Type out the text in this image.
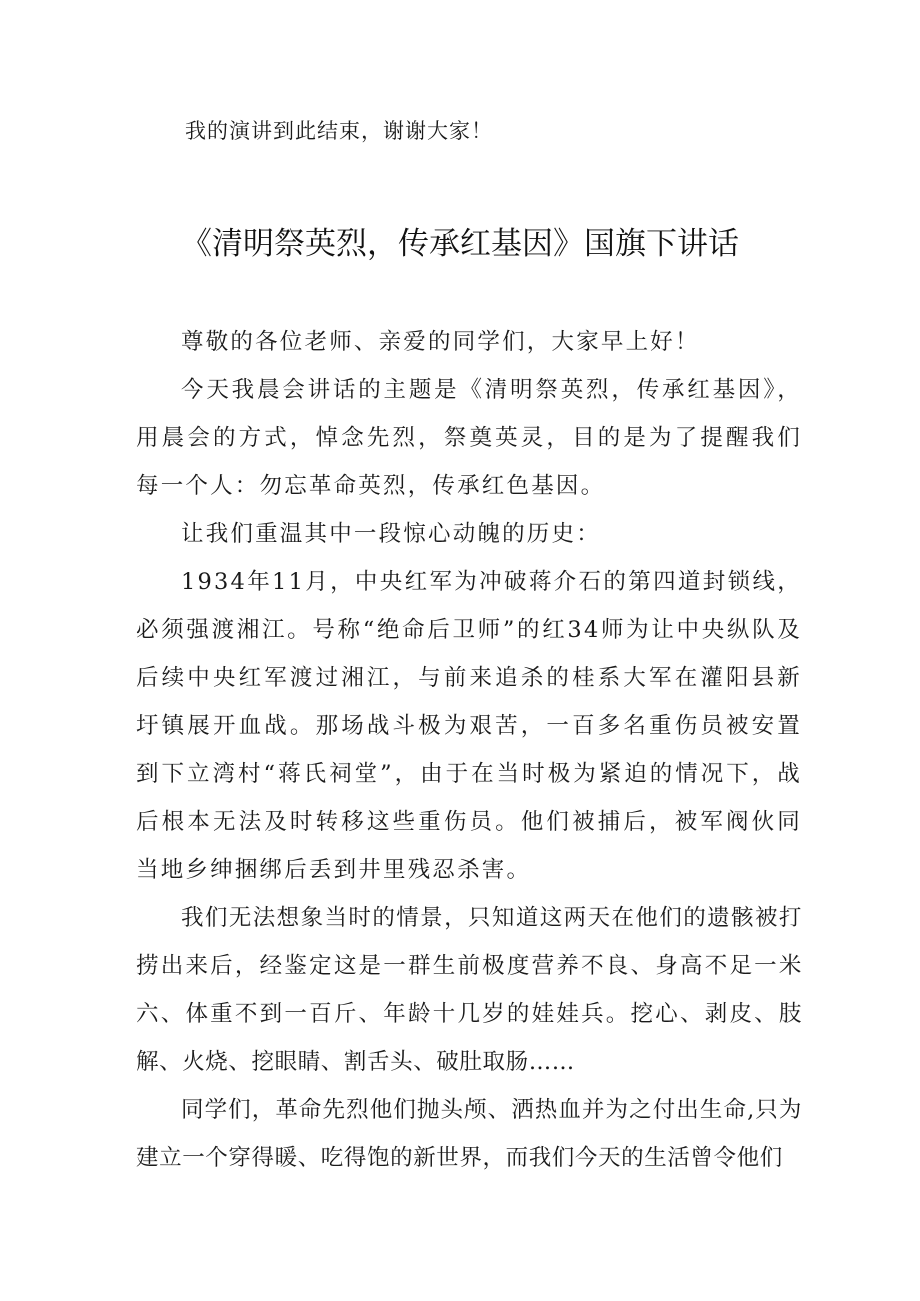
我的演讲到此结束，谢谢大家！
《清明祭英烈，传承红基因》国旗下讲话

尊敬的各位老师、亲爱的同学们，大家早上好！

今天我晨会讲话的主题是《清明祭英烈，传承红基因》，用晨会的方式，悼念先烈，祭奠英灵，目的是为了提醒我们每一个人：勿忘革命英烈，传承红色基因。

让我们重温其中一段惊心动魄的历史：

1934年11月，中央红军为冲破蒋介石的第四道封锁线，必须强渡湘江。号称“绝命后卫师”的红34师为让中央纵队及后续中央红军渡过湘江，与前来追杀的桂系大军在灌阳县新圩镇展开血战。那场战斗极为艰苦，一百多名重伤员被安置到下立湾村“蒋氏祠堂”，由于在当时极为紧迫的情况下，战后根本无法及时转移这些重伤员。他们被捕后，被军阀伙同当地乡绅捆绑后丢到井里残忍杀害。

我们无法想象当时的情景，只知道这两天在他们的遗骸被打捞出来后，经鉴定这是一群生前极度营养不良、身高不足一米六、体重不到一百斤、年龄十几岁的娃娃兵。挖心、剥皮、肢解、火烧、挖眼睛、割舌头、破肚取肠……

同学们，革命先烈他们抛头颅、洒热血并为之付出生命,只为建立一个穿得暖、吃得饱的新世界，而我们今天的生活曾令他们
